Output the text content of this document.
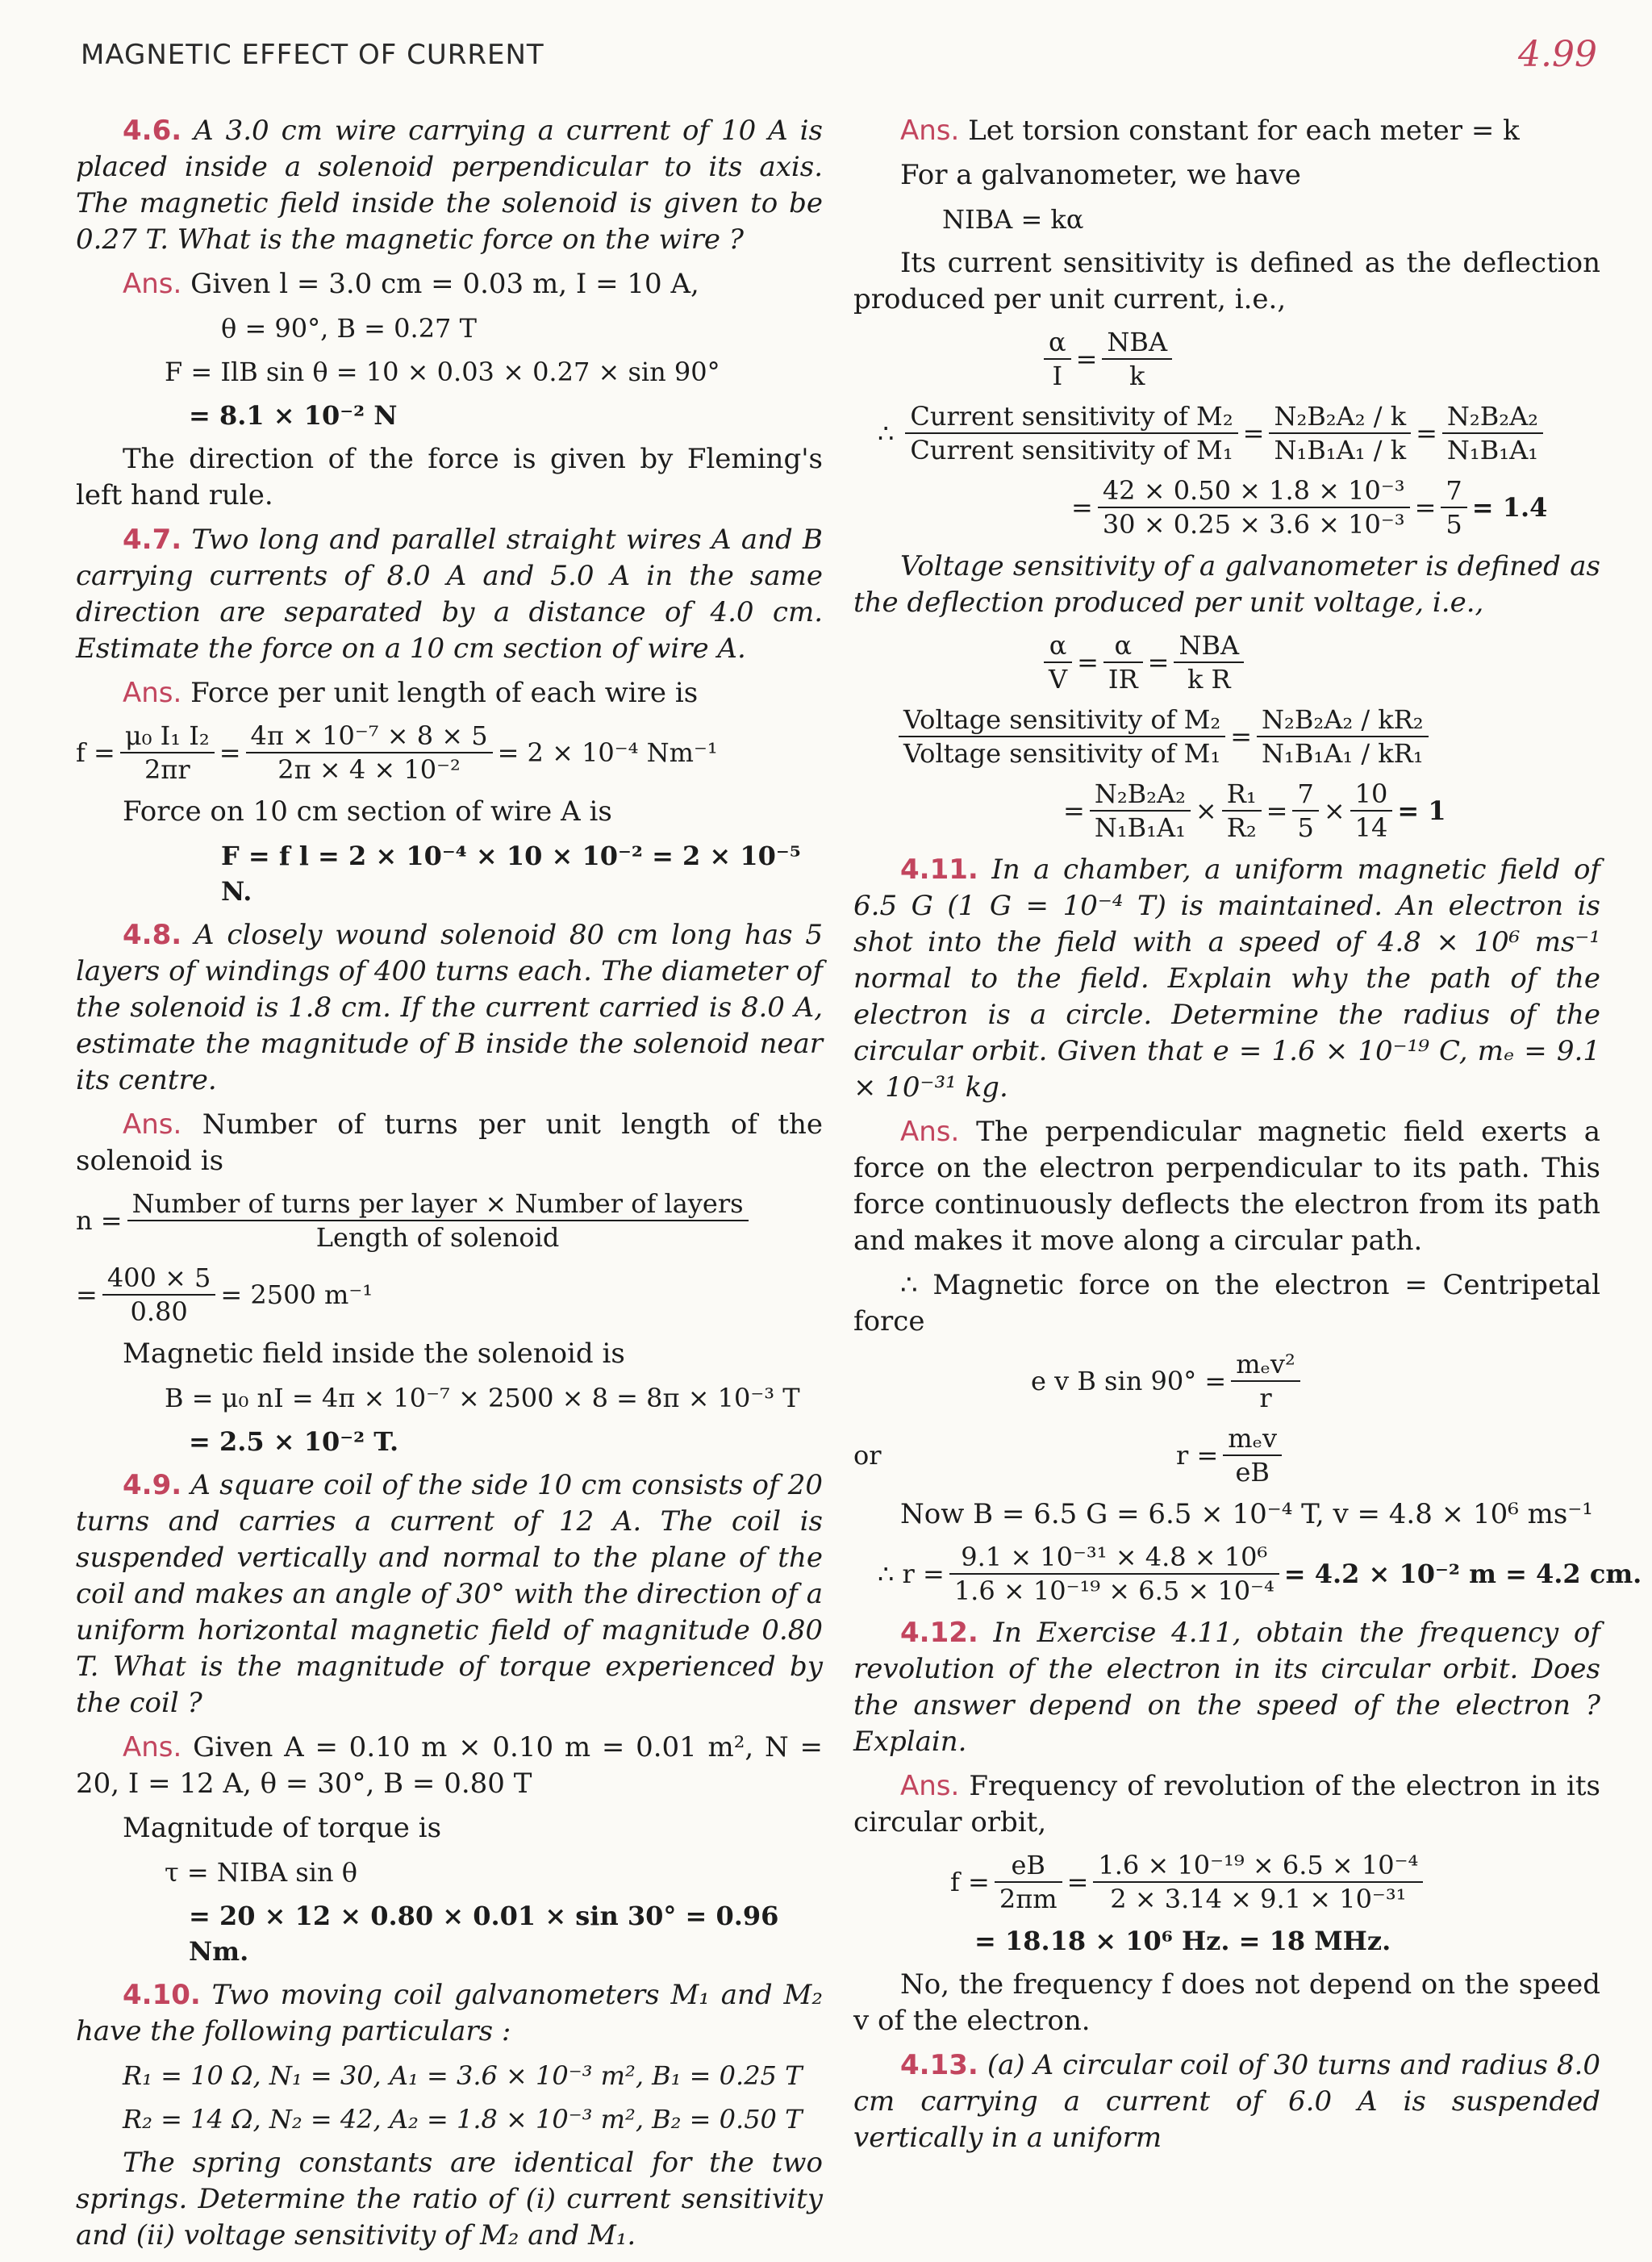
MAGNETIC EFFECT OF CURRENT	4.99

4.6. A 3.0 cm wire carrying a current of 10 A is placed inside a solenoid perpendicular to its axis. The magnetic field inside the solenoid is given to be 0.27 T. What is the magnetic force on the wire ?

Ans. Given l = 3.0 cm = 0.03 m, I = 10 A,

θ = 90°, B = 0.27 T
F = IlB sin θ = 10 × 0.03 × 0.27 × sin 90°
= 8.1 × 10⁻² N

The direction of the force is given by Fleming's left hand rule.

4.7. Two long and parallel straight wires A and B carrying currents of 8.0 A and 5.0 A in the same direction are separated by a distance of 4.0 cm. Estimate the force on a 10 cm section of wire A.

Ans. Force per unit length of each wire is

$f = \frac{\text{μ₀ I₁ I₂}}{2\pi r} = \frac{\text{4π × 10⁻⁷ × 8 × 5}}{\text{2π × 4 × 10⁻²}} = 2 \times 10^{-4}$ Nm⁻¹

Force on 10 cm section of wire A is

F = f l = 2 × 10⁻⁴ × 10 × 10⁻² = 2 × 10⁻⁵ N.

4.8. A closely wound solenoid 80 cm long has 5 layers of windings of 400 turns each. The diameter of the solenoid is 1.8 cm. If the current carried is 8.0 A, estimate the magnitude of B inside the solenoid near its centre.

Ans. Number of turns per unit length of the solenoid is

$n = \frac{\text{Number of turns per layer × Number of layers}}{\text{Length of solenoid}}$
= $\frac{400 \times 5}{0.80} = 2500$ m⁻¹

Magnetic field inside the solenoid is

B = μ₀ nI = 4π × 10⁻⁷ × 2500 × 8 = 8π × 10⁻³ T
= 2.5 × 10⁻² T.

4.9. A square coil of the side 10 cm consists of 20 turns and carries a current of 12 A. The coil is suspended vertically and normal to the plane of the coil and makes an angle of 30° with the direction of a uniform horizontal magnetic field of magnitude 0.80 T. What is the magnitude of torque experienced by the coil ?

Ans. Given A = 0.10 m × 0.10 m = 0.01 m², N = 20, I = 12 A, θ = 30°, B = 0.80 T

Magnitude of torque is

τ = NIBA sin θ
= 20 × 12 × 0.80 × 0.01 × sin 30° = 0.96 Nm.

4.10. Two moving coil galvanometers M₁ and M₂ have the following particulars :

R₁ = 10 Ω, N₁ = 30, A₁ = 3.6 × 10⁻³ m², B₁ = 0.25 T
R₂ = 14 Ω, N₂ = 42, A₂ = 1.8 × 10⁻³ m², B₂ = 0.50 T

The spring constants are identical for the two springs. Determine the ratio of (i) current sensitivity and (ii) voltage sensitivity of M₂ and M₁.

Ans. Let torsion constant for each meter = k

For a galvanometer, we have

NIBA = kα

Its current sensitivity is defined as the deflection produced per unit current, i.e.,

$\frac{\alpha}{I} = \frac{\text{NBA}}{k}$
∴ $\frac{\text{Current sensitivity of M₂}}{\text{Current sensitivity of M₁}} = \frac{\text{N₂B₂A₂ / k}}{\text{N₁B₁A₁ / k}} = \frac{\text{N₂B₂A₂}}{\text{N₁B₁A₁}}$
= $\frac{\text{42 × 0.50 × 1.8 × 10⁻³}}{\text{30 × 0.25 × 3.6 × 10⁻³}} = \frac{7}{5} = 1.4$

Voltage sensitivity of a galvanometer is defined as the deflection produced per unit voltage, i.e.,

$\frac{\alpha}{V} = \frac{\alpha}{IR} = \frac{\text{NBA}}{\text{k R}}$
$\frac{\text{Voltage sensitivity of M₂}}{\text{Voltage sensitivity of M₁}} = \frac{\text{N₂B₂A₂ / kR₂}}{\text{N₁B₁A₁ / kR₁}}$
= $\frac{\text{N₂B₂A₂}}{\text{N₁B₁A₁}} \times \frac{\text{R₁}}{\text{R₂}} = \frac{7}{5} \times \frac{10}{14} = 1$

4.11. In a chamber, a uniform magnetic field of 6.5 G (1 G = 10⁻⁴ T) is maintained. An electron is shot into the field with a speed of 4.8 × 10⁶ ms⁻¹ normal to the field. Explain why the path of the electron is a circle. Determine the radius of the circular orbit. Given that e = 1.6 × 10⁻¹⁹ C, mₑ = 9.1 × 10⁻³¹ kg.

Ans. The perpendicular magnetic field exerts a force on the electron perpendicular to its path. This force continuously deflects the electron from its path and makes it move along a circular path.

∴ Magnetic force on the electron = Centripetal force

e v B $\sin 90^\circ = \frac{\text{mₑv²}}{r}$
or	$r = \frac{\text{mₑv}}{eB}$

Now B = 6.5 G = 6.5 × 10⁻⁴ T, v = 4.8 × 10⁶ ms⁻¹

∴ $r = \frac{\text{9.1 × 10⁻³¹ × 4.8 × 10⁶}}{\text{1.6 × 10⁻¹⁹ × 6.5 × 10⁻⁴}} = 4.2 \times 10^{-2}$ m = 4.2 cm.

4.12. In Exercise 4.11, obtain the frequency of revolution of the electron in its circular orbit. Does the answer depend on the speed of the electron ? Explain.

Ans. Frequency of revolution of the electron in its circular orbit,

$f = \frac{eB}{2\pi m} = \frac{\text{1.6 × 10⁻¹⁹ × 6.5 × 10⁻⁴}}{\text{2 × 3.14 × 9.1 × 10⁻³¹}}$
= 18.18 × 10⁶ Hz. = 18 MHz.

No, the frequency f does not depend on the speed v of the electron.

4.13. (a) A circular coil of 30 turns and radius 8.0 cm carrying a current of 6.0 A is suspended vertically in a uniform
